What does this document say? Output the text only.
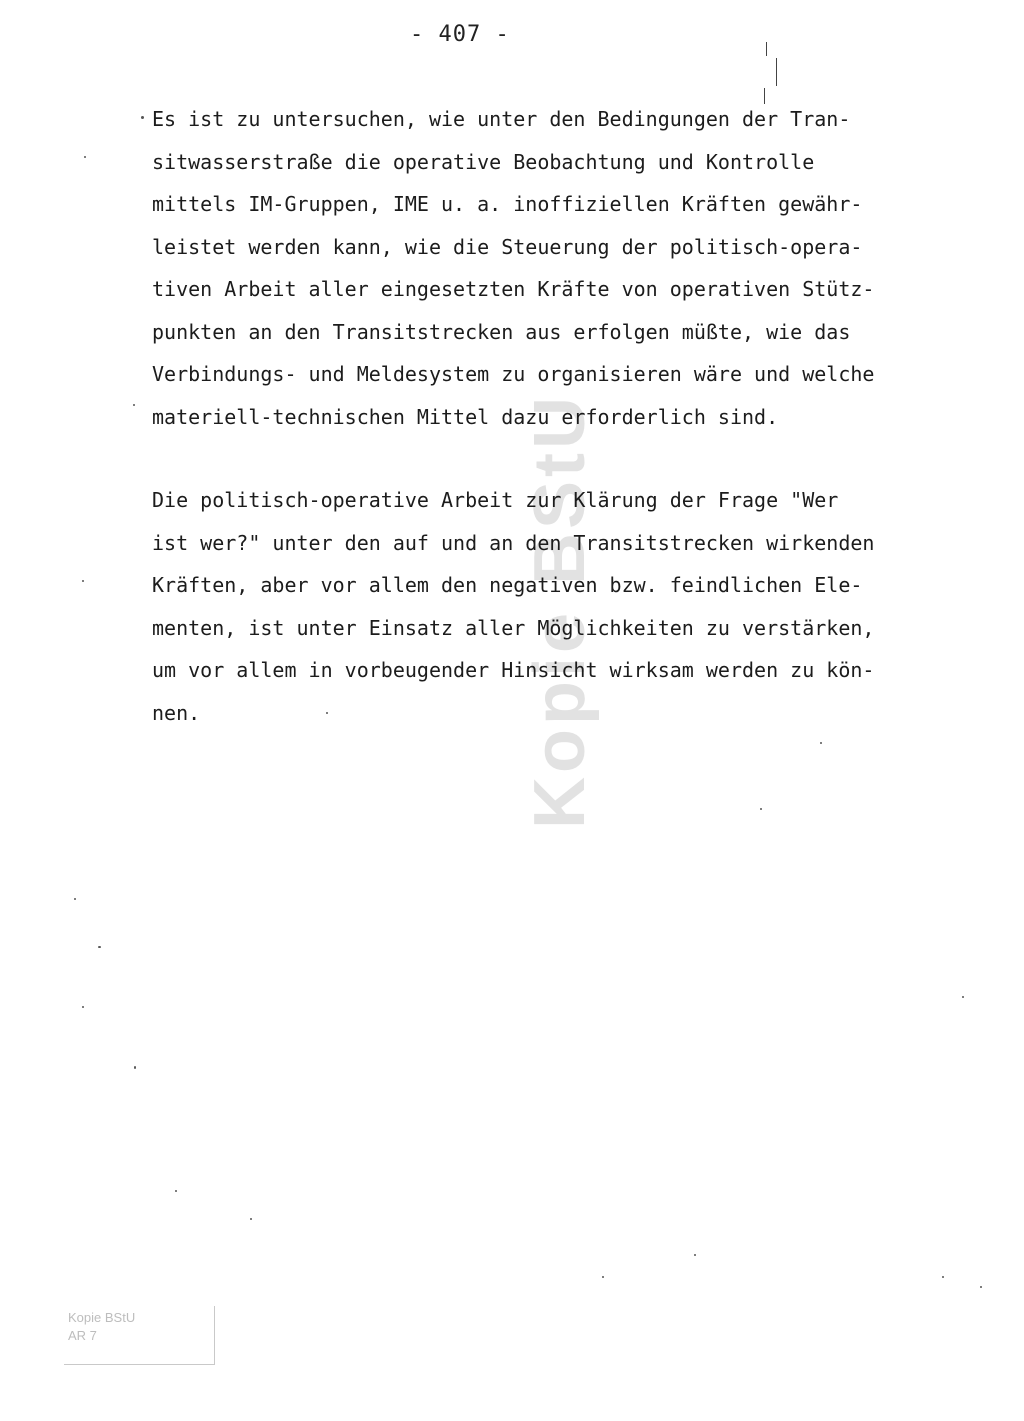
- 407 -
Kopie BStU
Es ist zu untersuchen, wie unter den Bedingungen der Tran-
sitwasserstraße die operative Beobachtung und Kontrolle
mittels IM-Gruppen, IME u. a. inoffiziellen Kräften gewähr-
leistet werden kann, wie die Steuerung der politisch-opera-
tiven Arbeit aller eingesetzten Kräfte von operativen Stütz-
punkten an den Transitstrecken aus erfolgen müßte, wie das
Verbindungs- und Meldesystem zu organisieren wäre und welche
materiell-technischen Mittel dazu erforderlich sind.
Die politisch-operative Arbeit zur Klärung der Frage "Wer
ist wer?" unter den auf und an den Transitstrecken wirkenden
Kräften, aber vor allem den negativen bzw. feindlichen Ele-
menten, ist unter Einsatz aller Möglichkeiten zu verstärken,
um vor allem in vorbeugender Hinsicht wirksam werden zu kön-
nen.
Kopie BStU
AR 7
